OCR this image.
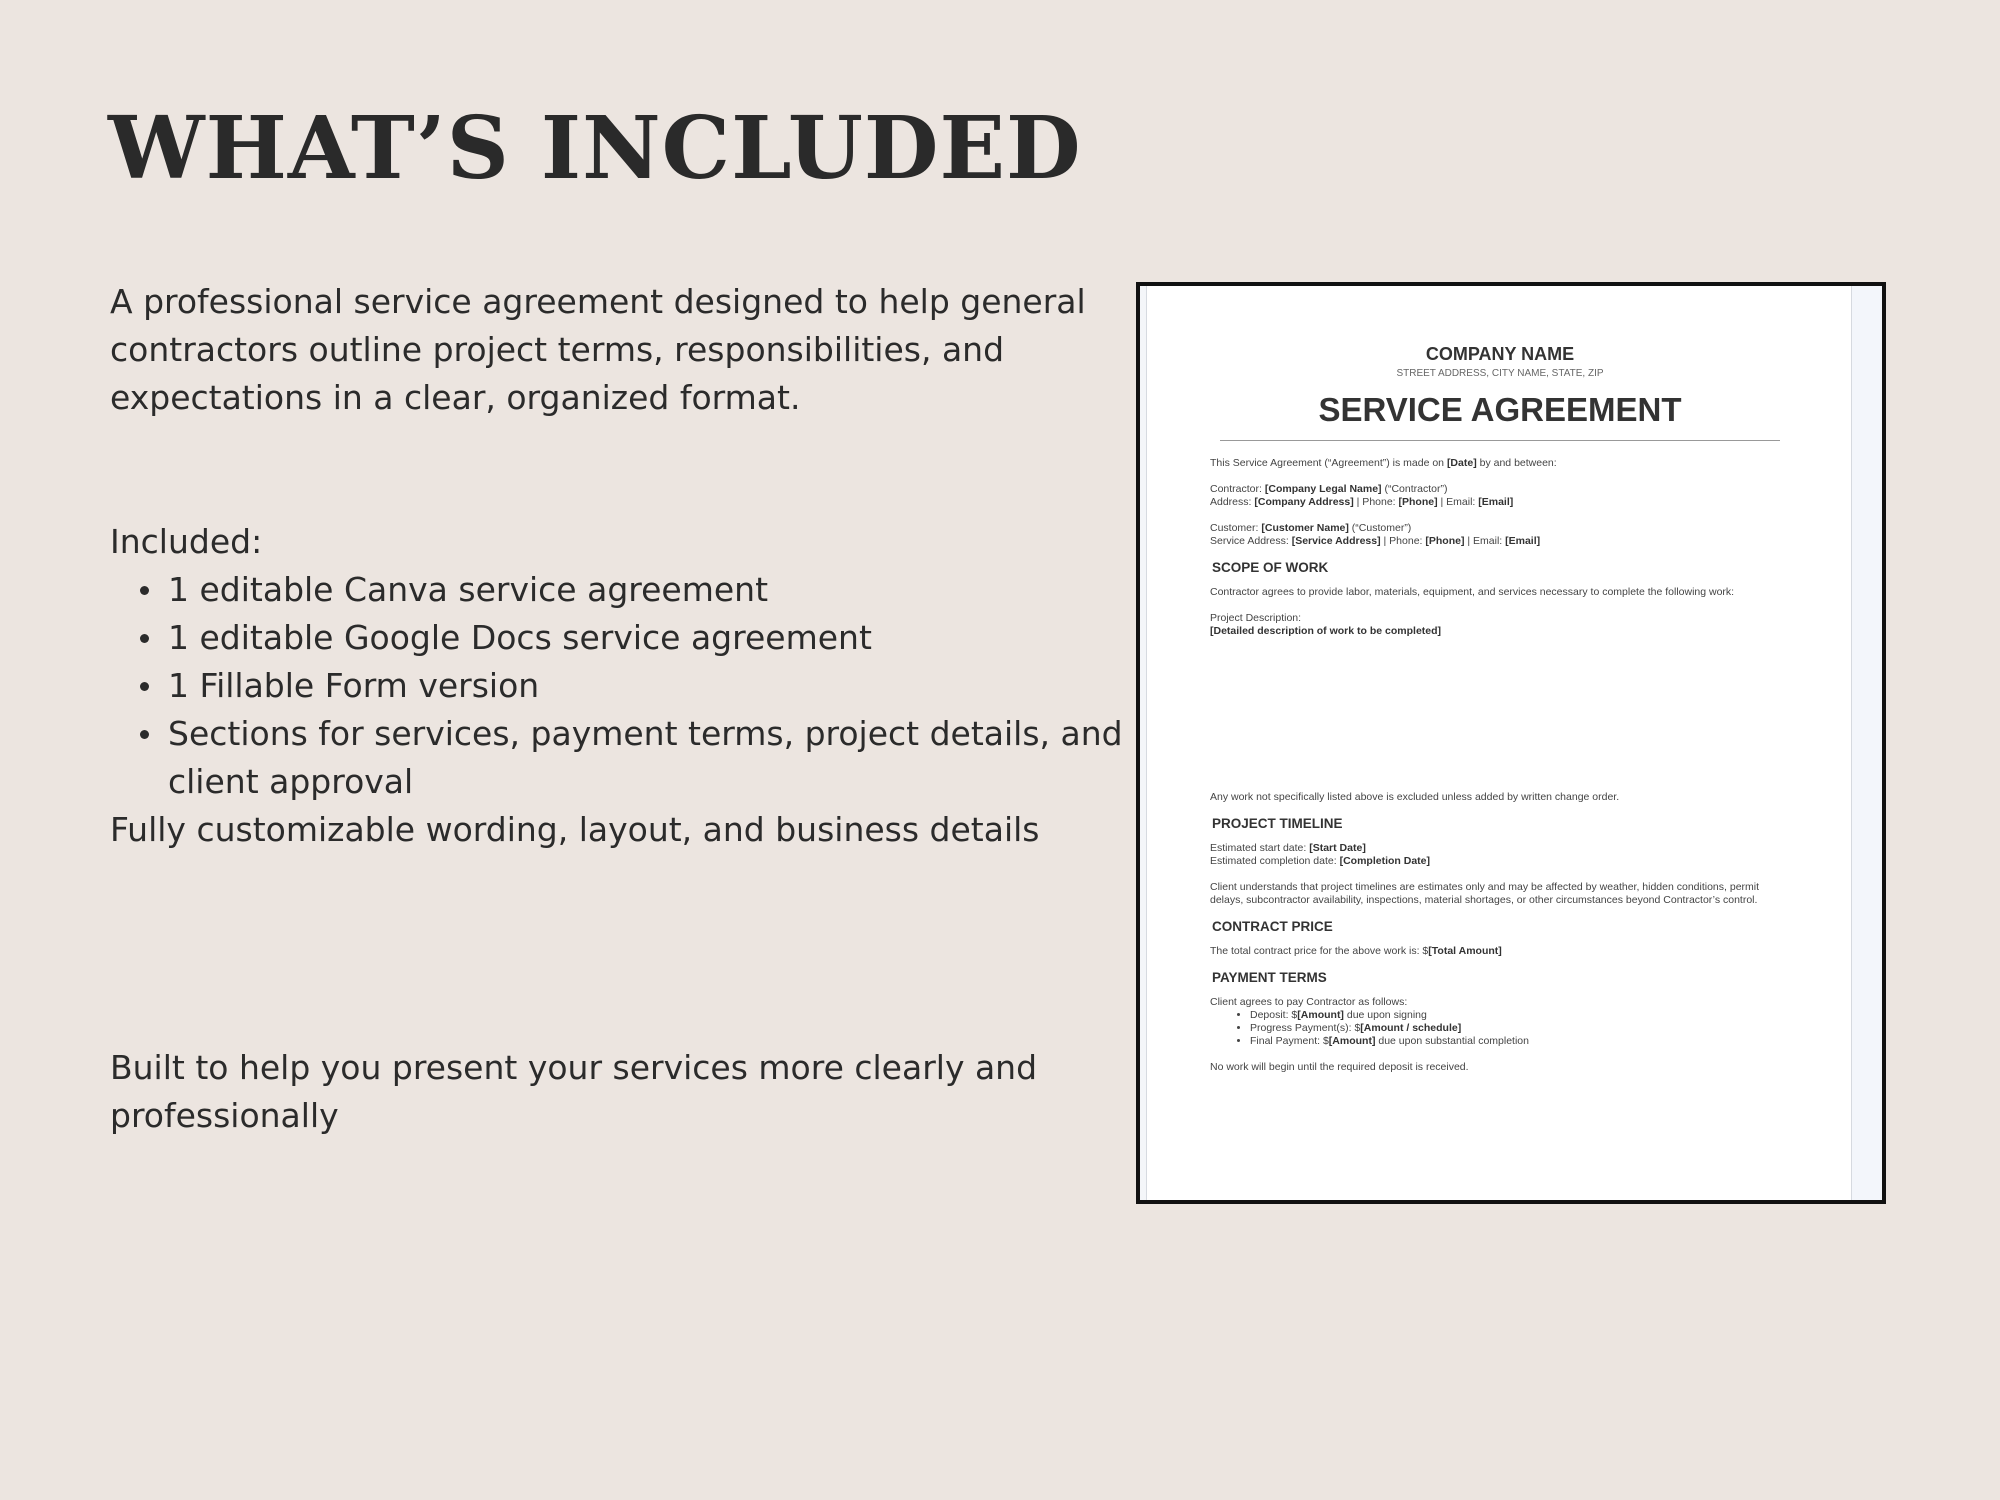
WHAT’S INCLUDED

A professional service agreement designed to help general contractors outline project terms, responsibilities, and expectations in a clear, organized format.

Included:

1 editable Canva service agreement
1 editable Google Docs service agreement
1 Fillable Form version
Sections for services, payment terms, project details, and client approval

Fully customizable wording, layout, and business details

Built to help you present your services more clearly and professionally

COMPANY NAME
STREET ADDRESS, CITY NAME, STATE, ZIP
SERVICE AGREEMENT

This Service Agreement (“Agreement”) is made on [Date] by and between:

Contractor: [Company Legal Name] (“Contractor”)
Address: [Company Address] | Phone: [Phone] | Email: [Email]

Customer: [Customer Name] (“Customer”)
Service Address: [Service Address] | Phone: [Phone] | Email: [Email]

SCOPE OF WORK

Contractor agrees to provide labor, materials, equipment, and services necessary to complete the following work:

Project Description:
[Detailed description of work to be completed]

Any work not specifically listed above is excluded unless added by written change order.

PROJECT TIMELINE

Estimated start date: [Start Date]
Estimated completion date: [Completion Date]

Client understands that project timelines are estimates only and may be affected by weather, hidden conditions, permit delays, subcontractor availability, inspections, material shortages, or other circumstances beyond Contractor’s control.

CONTRACT PRICE

The total contract price for the above work is: $[Total Amount]

PAYMENT TERMS

Client agrees to pay Contractor as follows:

• Deposit: $[Amount] due upon signing
• Progress Payment(s): $[Amount / schedule]
• Final Payment: $[Amount] due upon substantial completion

No work will begin until the required deposit is received.
